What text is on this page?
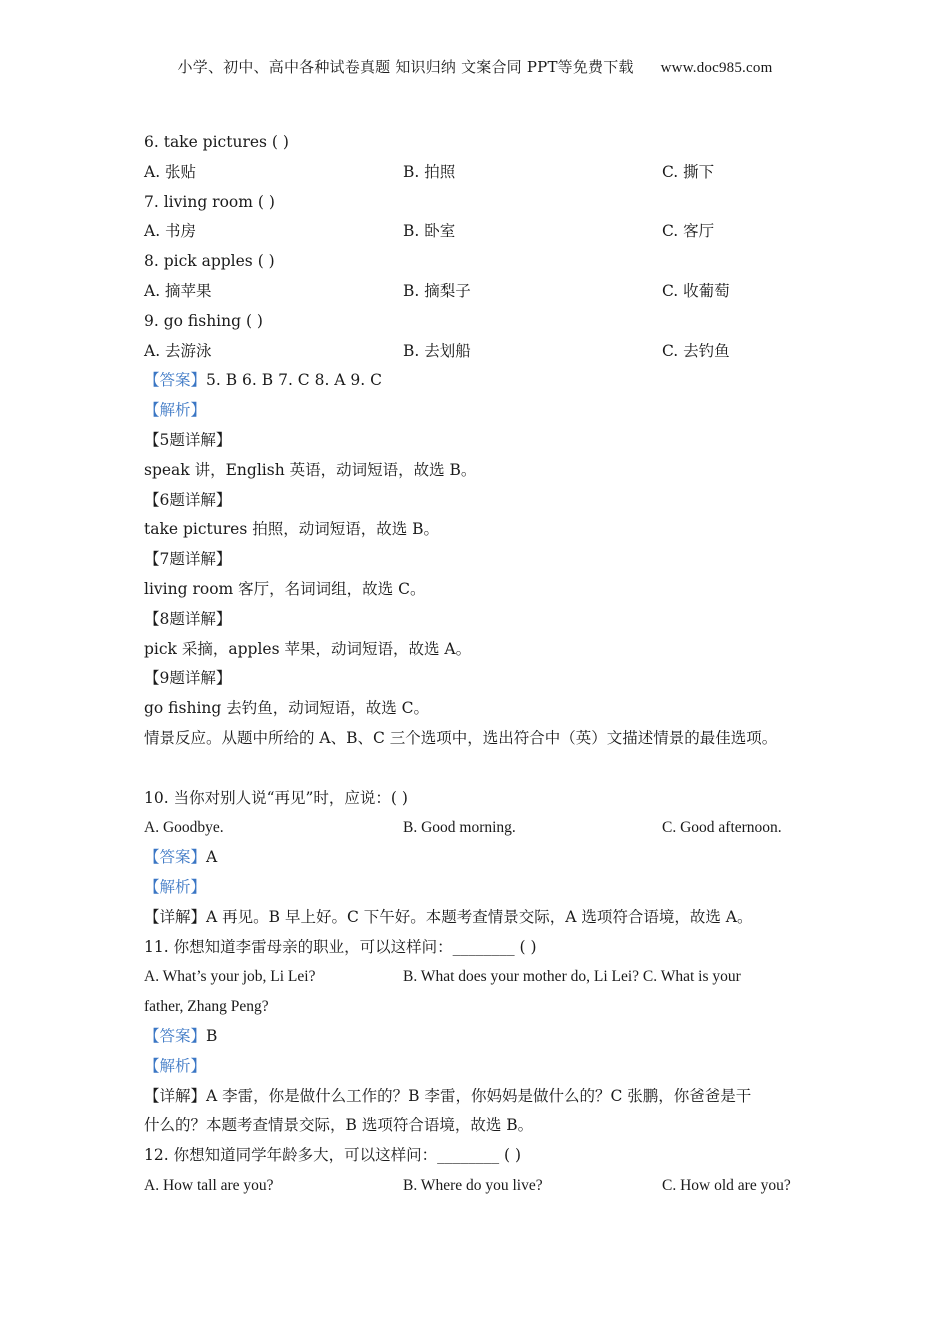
小学、初中、高中各种试卷真题 知识归纳 文案合同 PPT等免费下载 www.doc985.com
6. take pictures ( )
A. 张贴	B. 拍照	C. 撕下
7. living room ( )
A. 书房	B. 卧室	C. 客厅
8. pick apples ( )
A. 摘苹果	B. 摘梨子	C. 收葡萄
9. go fishing ( )
A. 去游泳	B. 去划船	C. 去钓鱼
【答案】5. B 6. B 7. C 8. A 9. C
【解析】
【5题详解】
speak 讲，English 英语，动词短语，故选 B。
【6题详解】
take pictures 拍照，动词短语，故选 B。
【7题详解】
living room 客厅，名词词组，故选 C。
【8题详解】
pick 采摘，apples 苹果，动词短语，故选 A。
【9题详解】
go fishing 去钓鱼，动词短语，故选 C。
情景反应。从题中所给的 A、B、C 三个选项中，选出符合中（英）文描述情景的最佳选项。
10. 当你对别人说“再见”时，应说：( )
A. Goodbye.	B. Good morning.	C. Good afternoon.
【答案】A
【解析】
【详解】A 再见。B 早上好。C 下午好。本题考查情景交际，A 选项符合语境，故选 A。
11. 你想知道李雷母亲的职业，可以这样问：________ ( )
A. What’s your job, Li Lei?	B. What does your mother do, Li Lei? C. What is your
father, Zhang Peng?
【答案】B
【解析】
【详解】A 李雷，你是做什么工作的？B 李雷，你妈妈是做什么的？C 张鹏，你爸爸是干
什么的？本题考查情景交际，B 选项符合语境，故选 B。
12. 你想知道同学年龄多大，可以这样问：________ ( )
A. How tall are you?	B. Where do you live?	C. How old are you?
